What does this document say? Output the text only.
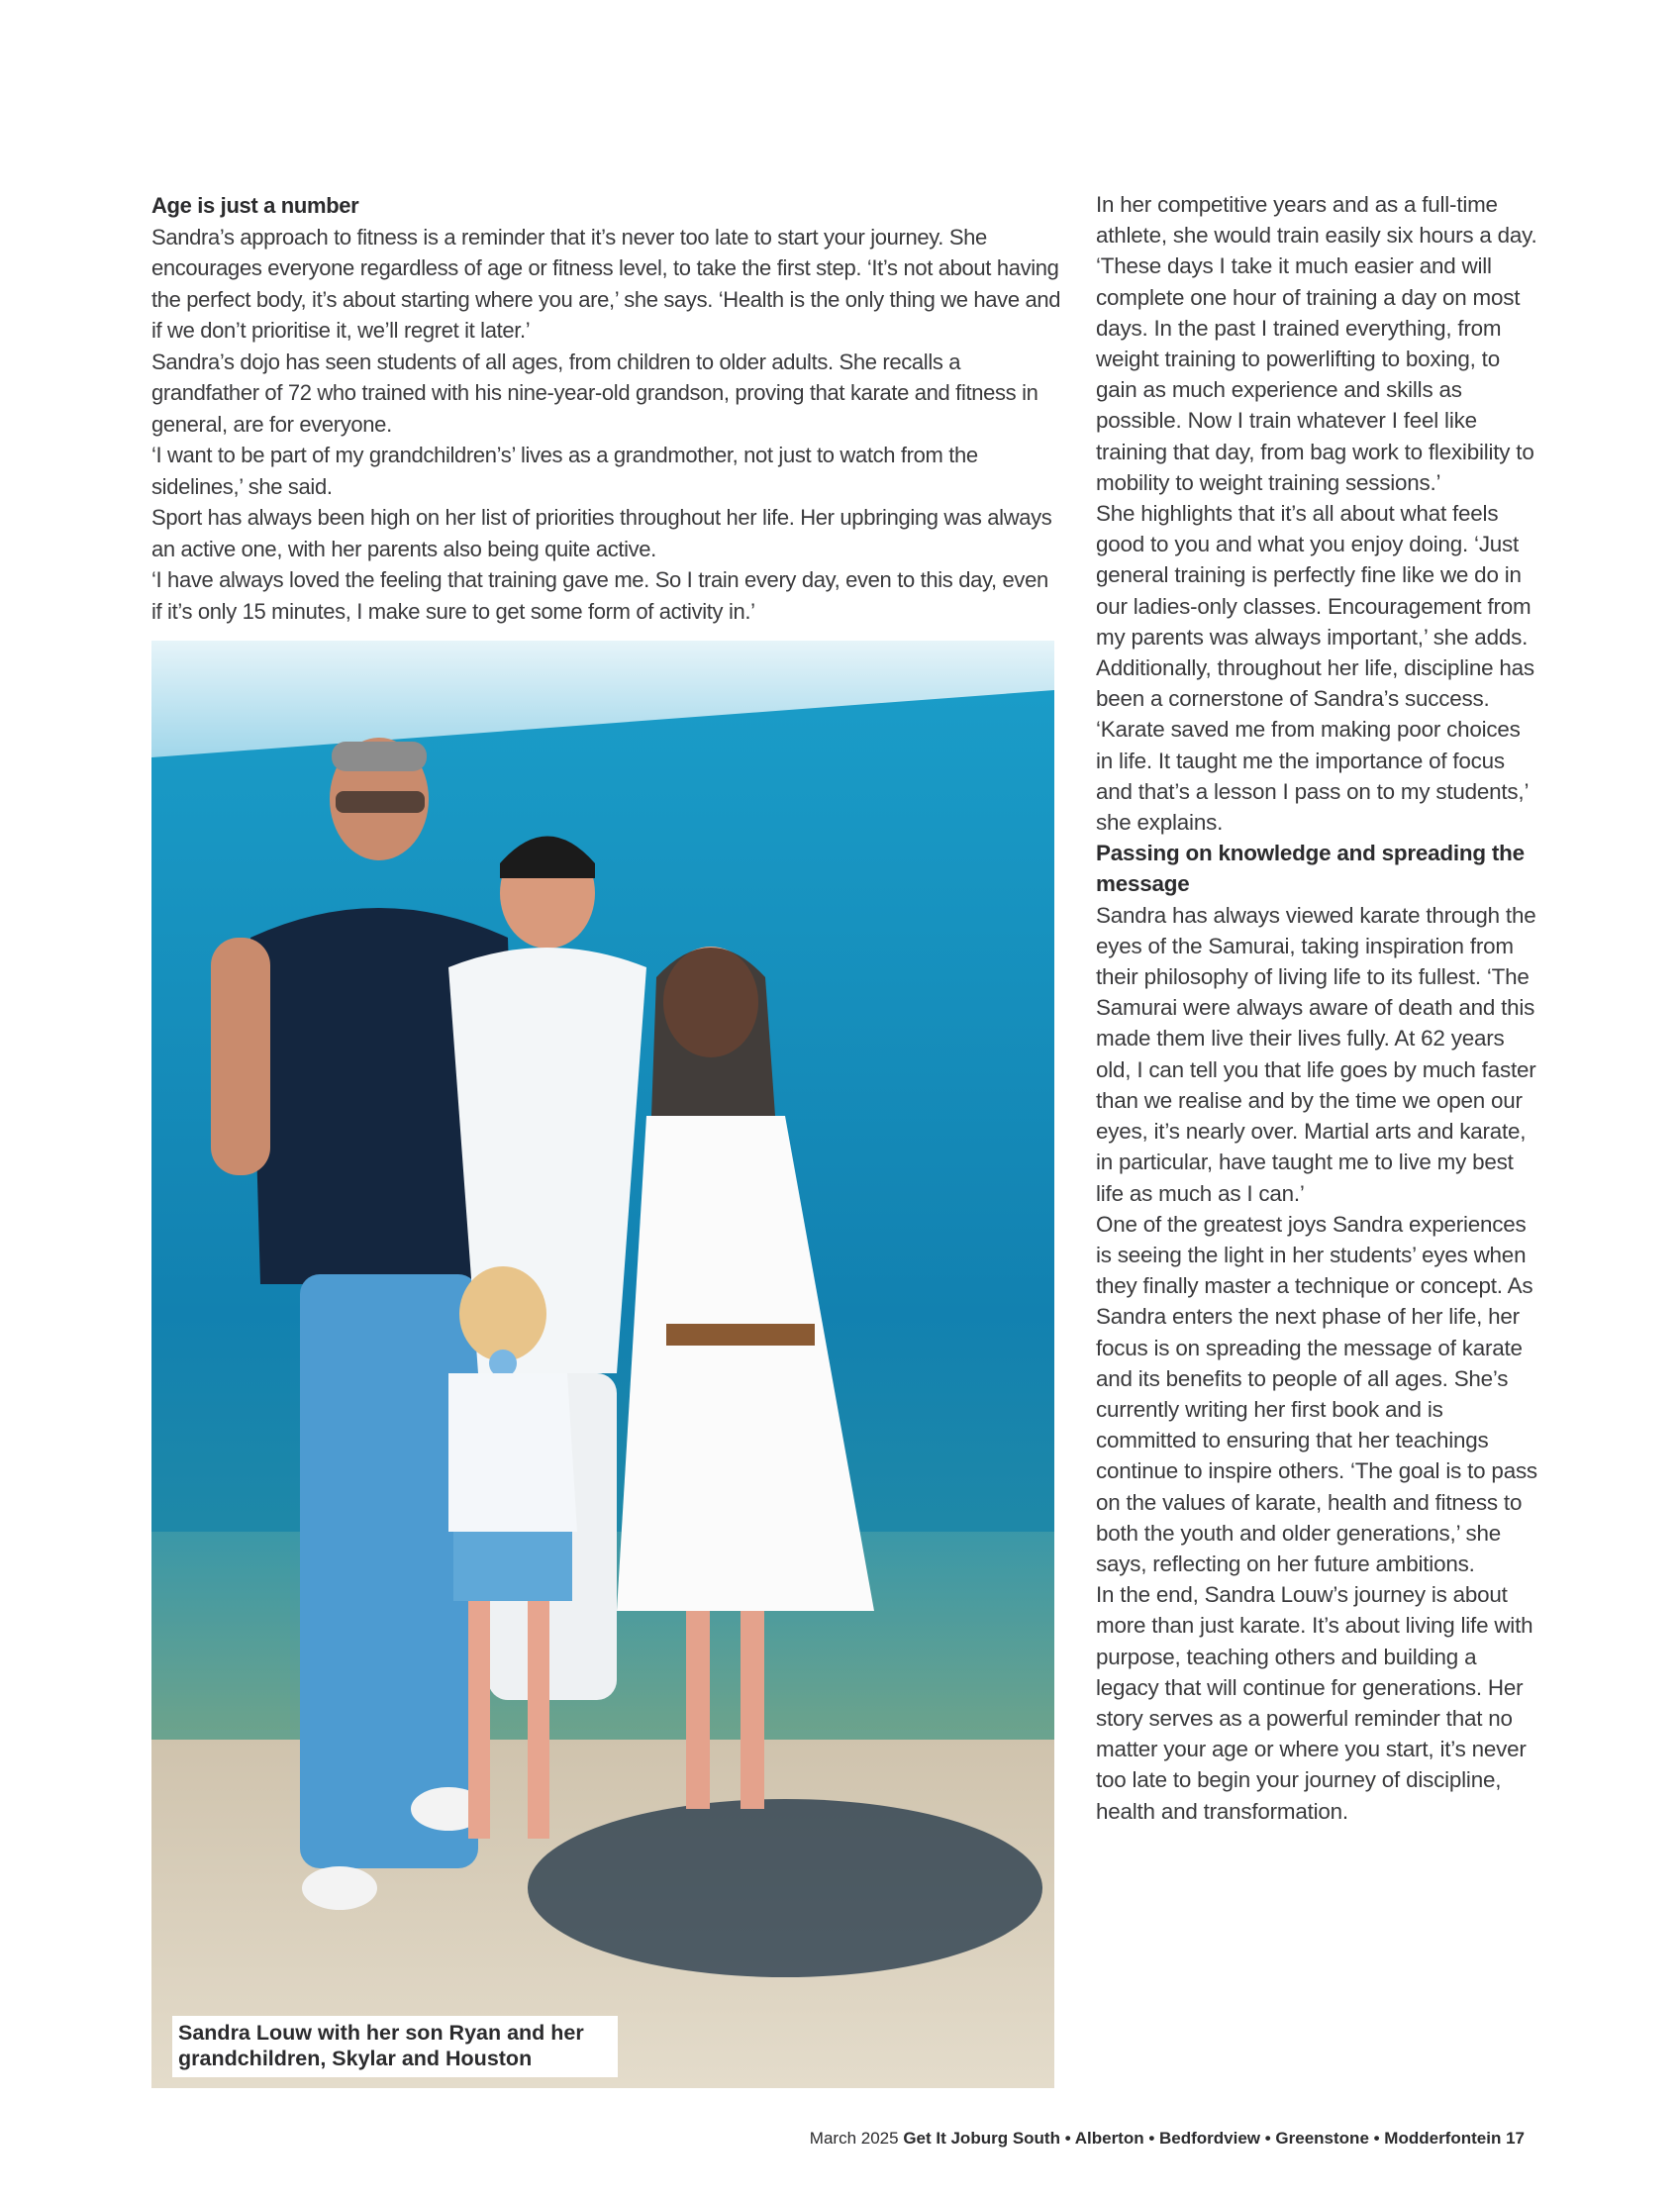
Age is just a number

Sandra’s approach to fitness is a reminder that it’s never too late to start your journey. She encourages everyone regardless of age or fitness level, to take the first step. ‘It’s not about having the perfect body, it’s about starting where you are,’ she says. ‘Health is the only thing we have and if we don’t prioritise it, we’ll regret it later.’

Sandra’s dojo has seen students of all ages, from children to older adults. She recalls a grandfather of 72 who trained with his nine-year-old grandson, proving that karate and fitness in general, are for everyone.

‘I want to be part of my grandchildren’s’ lives as a grandmother, not just to watch from the sidelines,’ she said.

Sport has always been high on her list of priorities throughout her life. Her upbringing was always an active one, with her parents also being quite active.

‘I have always loved the feeling that training gave me. So I train every day, even to this day, even if it’s only 15 minutes, I make sure to get some form of activity in.’

Sandra Louw with her son Ryan and her grandchildren, Skylar and Houston

In her competitive years and as a full-time athlete, she would train easily six hours a day. ‘These days I take it much easier and will complete one hour of training a day on most days. In the past I trained everything, from weight training to powerlifting to boxing, to gain as much experience and skills as possible. Now I train whatever I feel like training that day, from bag work to flexibility to mobility to weight training sessions.’

She highlights that it’s all about what feels good to you and what you enjoy doing. ‘Just general training is perfectly fine like we do in our ladies-only classes. Encouragement from my parents was always important,’ she adds.

Additionally, throughout her life, discipline has been a cornerstone of Sandra’s success. ‘Karate saved me from making poor choices in life. It taught me the importance of focus and that’s a lesson I pass on to my students,’ she explains.

Passing on knowledge and spreading the message

Sandra has always viewed karate through the eyes of the Samurai, taking inspiration from their philosophy of living life to its fullest. ‘The Samurai were always aware of death and this made them live their lives fully. At 62 years old, I can tell you that life goes by much faster than we realise and by the time we open our eyes, it’s nearly over. Martial arts and karate, in particular, have taught me to live my best life as much as I can.’

One of the greatest joys Sandra experiences is seeing the light in her students’ eyes when they finally master a technique or concept. As Sandra enters the next phase of her life, her focus is on spreading the message of karate and its benefits to people of all ages. She’s currently writing her first book and is committed to ensuring that her teachings continue to inspire others. ‘The goal is to pass on the values of karate, health and fitness to both the youth and older generations,’ she says, reflecting on her future ambitions.

In the end, Sandra Louw’s journey is about more than just karate. It’s about living life with purpose, teaching others and building a legacy that will continue for generations. Her story serves as a powerful reminder that no matter your age or where you start, it’s never too late to begin your journey of discipline, health and transformation.

March 2025 Get It Joburg South • Alberton • Bedfordview • Greenstone • Modderfontein 17
